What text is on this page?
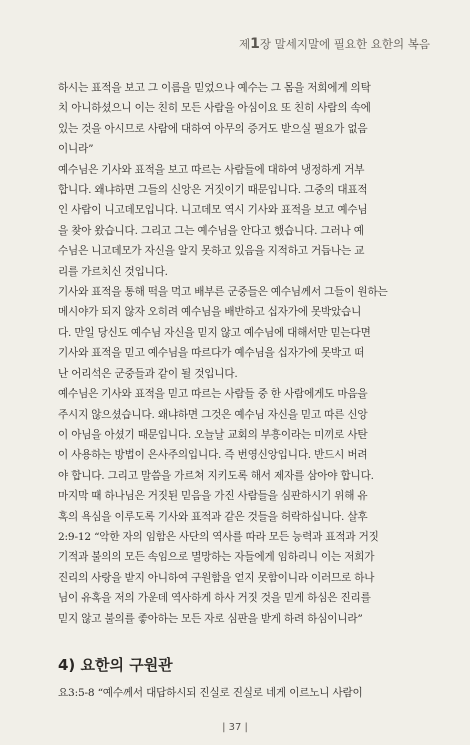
제1장 말세지말에 필요한 요한의 복음
하시는 표적을 보고 그 이름을 믿었으나 예수는 그 몸을 저희에게 의탁
치 아니하셨으니 이는 친히 모든 사람을 아심이요 또 친히 사람의 속에
있는 것을 아시므로 사람에 대하여 아무의 증거도 받으실 필요가 없음
이니라”
예수님은 기사와 표적을 보고 따르는 사람들에 대하여 냉정하게 거부
합니다. 왜냐하면 그들의 신앙은 거짓이기 때문입니다. 그중의 대표적
인 사람이 니고데모입니다. 니고데모 역시 기사와 표적을 보고 예수님
을 찾아 왔습니다. 그리고 그는 예수님을 안다고 했습니다. 그러나 예
수님은 니고데모가 자신을 알지 못하고 있음을 지적하고 거듭나는 교
리를 가르치신 것입니다.
기사와 표적을 통해 떡을 먹고 배부른 군중들은 예수님께서 그들이 원하는
메시야가 되지 않자 오히려 예수님을 배반하고 십자가에 못박았습니
다. 만일 당신도 예수님 자신을 믿지 않고 예수님에 대해서만 믿는다면
기사와 표적을 믿고 예수님을 따르다가 예수님을 십자가에 못박고 떠
난 어리석은 군중들과 같이 될 것입니다.
예수님은 기사와 표적을 믿고 따르는 사람들 중 한 사람에게도 마음을
주시지 않으셨습니다. 왜냐하면 그것은 예수님 자신을 믿고 따른 신앙
이 아님을 아셨기 때문입니다. 오늘날 교회의 부흥이라는 미끼로 사탄
이 사용하는 방법이 은사주의입니다. 즉 번영신앙입니다. 반드시 버려
야 합니다. 그리고 말씀을 가르쳐 지키도록 해서 제자를 삼아야 합니다.
마지막 때 하나님은 거짓된 믿음을 가진 사람들을 심판하시기 위해 유
혹의 욕심을 이루도록 기사와 표적과 같은 것들을 허락하십니다. 살후
2:9-12 “악한 자의 임함은 사단의 역사를 따라 모든 능력과 표적과 거짓
기적과 불의의 모든 속임으로 멸망하는 자들에게 임하리니 이는 저희가
진리의 사랑을 받지 아니하여 구원함을 얻지 못함이니라 이러므로 하나
님이 유혹을 저의 가운데 역사하게 하사 거짓 것을 믿게 하심은 진리를
믿지 않고 불의를 좋아하는 모든 자로 심판을 받게 하려 하심이니라”
4) 요한의 구원관
요3:5-8 “예수께서 대답하시되 진실로 진실로 네게 이르노니 사람이
| 37 |
